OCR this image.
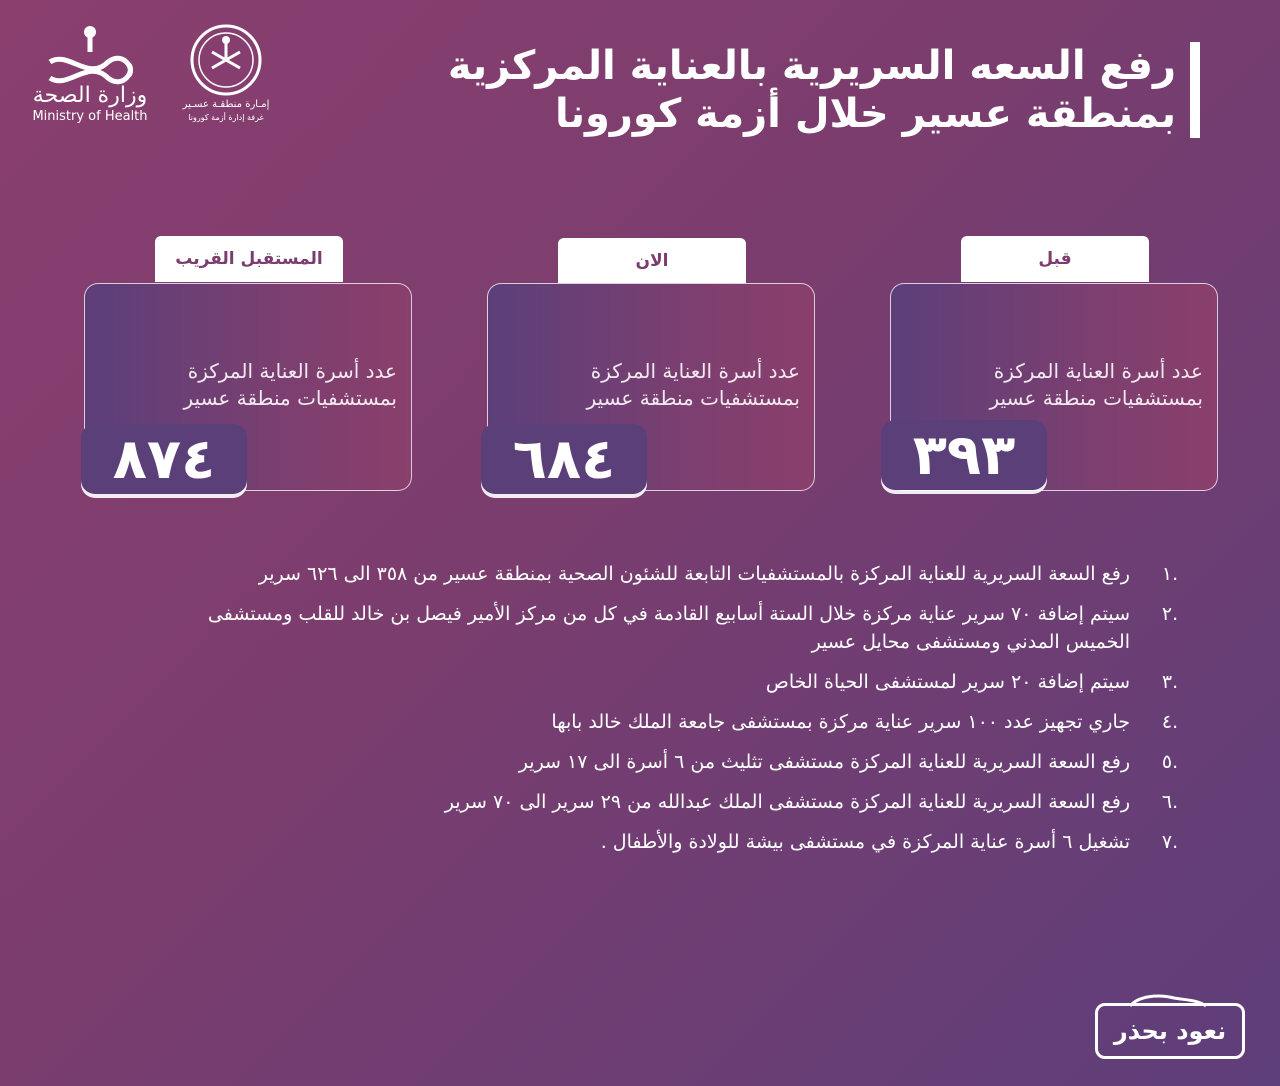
وزارة الصحة
Ministry of Health
إمـارة منطقـة عسـير
غرفة إدارة أزمة كورونا
رفع السعه السريرية بالعناية المركزية
بمنطقة عسير خلال أزمة كورونا
قبل
عدد أسرة العناية المركزة بمستشفيات منطقة عسير
٣٩٣
الان
عدد أسرة العناية المركزة بمستشفيات منطقة عسير
٦٨٤
المستقبل القريب
عدد أسرة العناية المركزة بمستشفيات منطقة عسير
٨٧٤
.١
رفع السعة السريرية للعناية المركزة بالمستشفيات التابعة للشئون الصحية بمنطقة عسير من ٣٥٨ الى ٦٢٦ سرير
.٢
سيتم إضافة ٧٠ سرير عناية مركزة خلال الستة أسابيع القادمة في كل من مركز الأمير فيصل بن خالد للقلب ومستشفى الخميس المدني ومستشفى محايل عسير
.٣
سيتم إضافة ٢٠ سرير لمستشفى الحياة الخاص
.٤
جاري تجهيز عدد ١٠٠ سرير عناية مركزة بمستشفى جامعة الملك خالد بابها
.٥
رفع السعة السريرية للعناية المركزة مستشفى تثليث من ٦ أسرة الى ١٧ سرير
.٦
رفع السعة السريرية للعناية المركزة مستشفى الملك عبدالله من ٢٩ سرير الى ٧٠ سرير
.٧
تشغيل ٦ أسرة عناية المركزة في مستشفى بيشة للولادة والأطفال .
نعود بحذر
